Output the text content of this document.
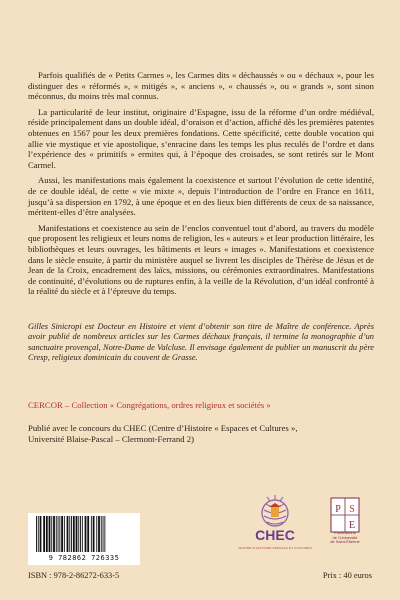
Parfois qualifiés de « Petits Carmes », les Carmes dits « déchaussés » ou « déchaux », pour les distinguer des « réformés », « mitigés », « anciens », « chaussés », ou « grands », sont sinon méconnus, du moins très mal connus.

La particularité de leur institut, originaire d’Espagne, issu de la réforme d’un ordre médiéval, réside principalement dans un double idéal, d’oraison et d’action, affiché dès les premières patentes obtenues en 1567 pour les deux premières fondations. Cette spécificité, cette double vocation qui allie vie mystique et vie apostolique, s’enracine dans les temps les plus reculés de l’ordre et dans l’expérience des « primitifs » ermites qui, à l’époque des croisades, se sont retirés sur le Mont Carmel.

Aussi, les manifestations mais également la coexistence et surtout l’évolution de cette identité, de ce double idéal, de cette « vie mixte », depuis l’introduction de l’ordre en France en 1611, jusqu’à sa dispersion en 1792, à une époque et en des lieux bien différents de ceux de sa naissance, méritent-elles d’être analysées.

Manifestations et coexistence au sein de l’enclos conventuel tout d’abord, au travers du modèle que proposent les religieux et leurs noms de religion, les « auteurs » et leur production littéraire, les bibliothèques et leurs ouvrages, les bâtiments et leurs « images ». Manifestations et coexistence dans le siècle ensuite, à partir du ministère auquel se livrent les disciples de Thérèse de Jésus et de Jean de la Croix, encadrement des laïcs, missions, ou cérémonies extraordinaires. Manifestations de continuité, d’évolutions ou de ruptures enfin, à la veille de la Révolution, d’un idéal confronté à la réalité du siècle et à l’épreuve du temps.

Gilles Sinicropi est Docteur en Histoire et vient d’obtenir son titre de Maître de conférence. Après avoir publié de nombreux articles sur les Carmes déchaux français, il termine la monographie d’un sanctuaire provençal, Notre-Dame de Valcluse. Il envisage également de publier un manuscrit du père Cresp, religieux dominicain du couvent de Grasse.

CERCOR – Collection « Congrégations, ordres religieux et sociétés »

Publié avec le concours du CHEC (Centre d’Histoire « Espaces et Cultures »,

Université Blaise-Pascal – Clermont-Ferrand 2)

9 782862 726335
ISBN : 978-2-86272-633-5	Prix : 40 euros
CHEC
CENTRE D'HISTOIRE ESPACES ET CULTURES
P S
E
Publications
de l'Université
de Saint-Étienne
